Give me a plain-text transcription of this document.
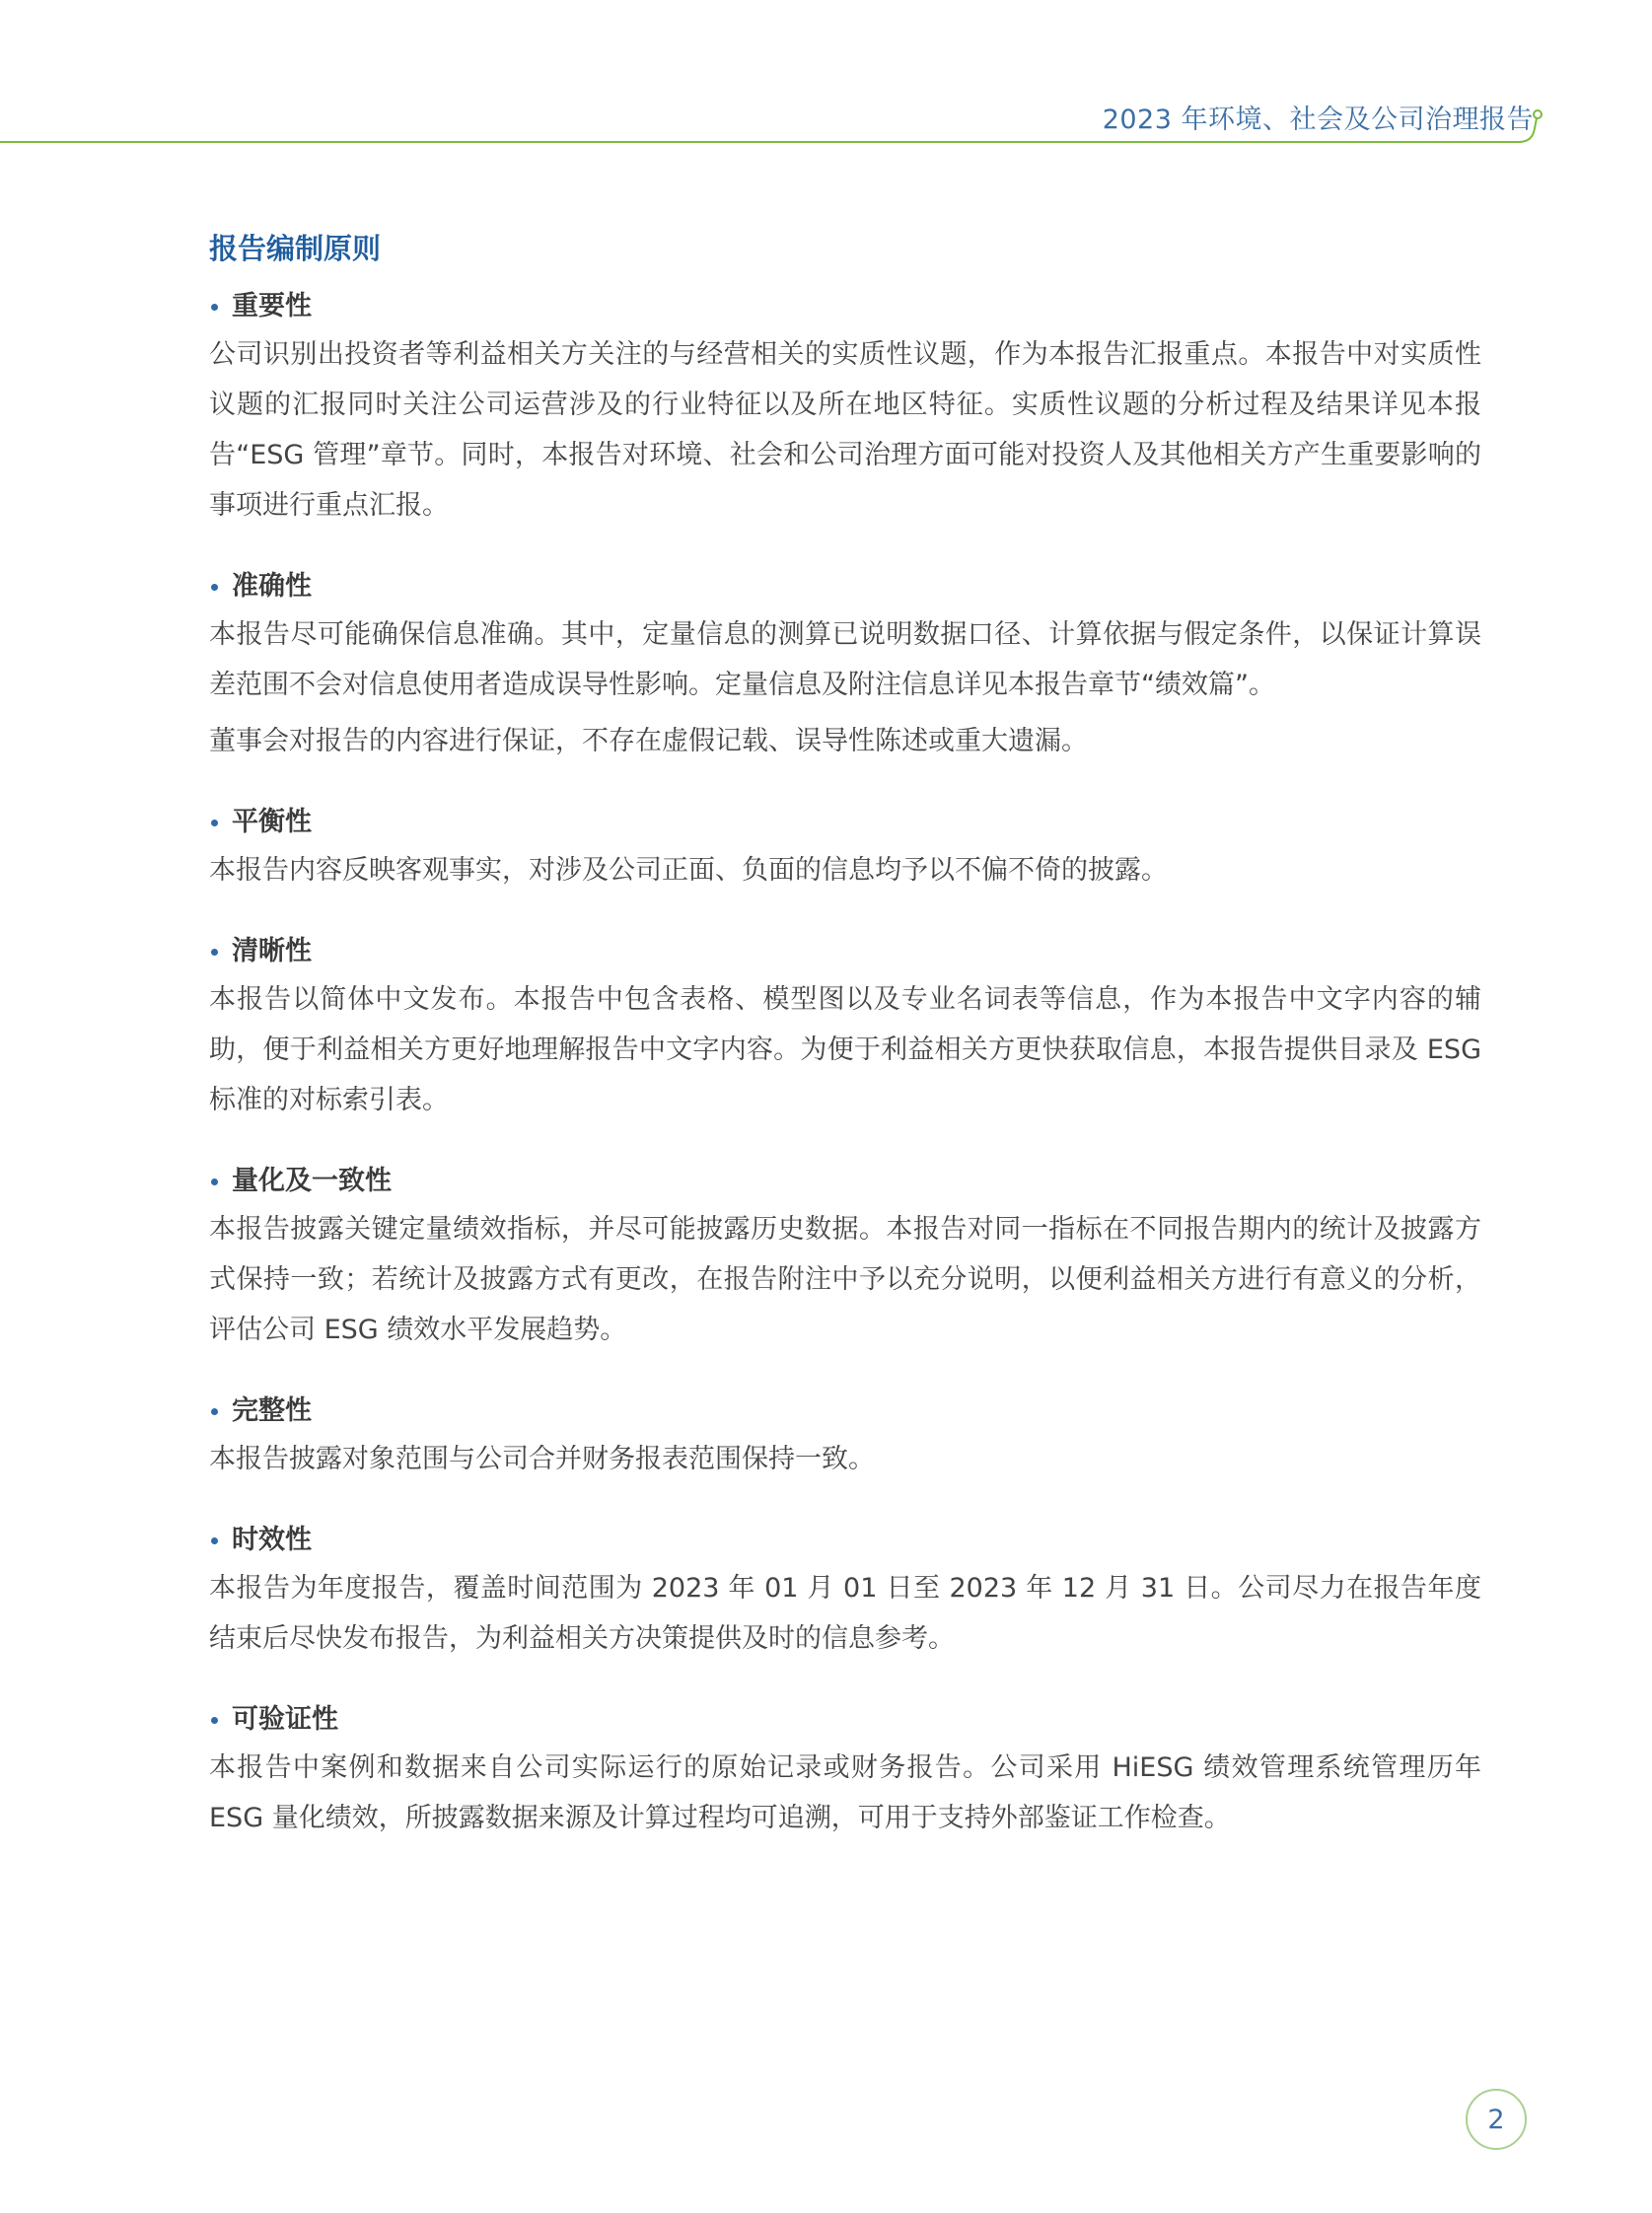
2023 年环境、社会及公司治理报告
报告编制原则
重要性

公司识别出投资者等利益相关方关注的与经营相关的实质性议题，作为本报告汇报重点。本报告中对实质性议题的汇报同时关注公司运营涉及的行业特征以及所在地区特征。实质性议题的分析过程及结果详见本报告“ESG 管理”章节。同时，本报告对环境、社会和公司治理方面可能对投资人及其他相关方产生重要影响的事项进行重点汇报。

准确性

本报告尽可能确保信息准确。其中，定量信息的测算已说明数据口径、计算依据与假定条件，以保证计算误差范围不会对信息使用者造成误导性影响。定量信息及附注信息详见本报告章节“绩效篇”。

董事会对报告的内容进行保证，不存在虚假记载、误导性陈述或重大遗漏。

平衡性

本报告内容反映客观事实，对涉及公司正面、负面的信息均予以不偏不倚的披露。

清晰性

本报告以简体中文发布。本报告中包含表格、模型图以及专业名词表等信息，作为本报告中文字内容的辅助，便于利益相关方更好地理解报告中文字内容。为便于利益相关方更快获取信息，本报告提供目录及 ESG 标准的对标索引表。

量化及一致性

本报告披露关键定量绩效指标，并尽可能披露历史数据。本报告对同一指标在不同报告期内的统计及披露方式保持一致；若统计及披露方式有更改，在报告附注中予以充分说明，以便利益相关方进行有意义的分析，评估公司 ESG 绩效水平发展趋势。

完整性

本报告披露对象范围与公司合并财务报表范围保持一致。

时效性

本报告为年度报告，覆盖时间范围为 2023 年 01 月 01 日至 2023 年 12 月 31 日。公司尽力在报告年度结束后尽快发布报告，为利益相关方决策提供及时的信息参考。

可验证性

本报告中案例和数据来自公司实际运行的原始记录或财务报告。公司采用 HiESG 绩效管理系统管理历年 ESG 量化绩效，所披露数据来源及计算过程均可追溯，可用于支持外部鉴证工作检查。

2
